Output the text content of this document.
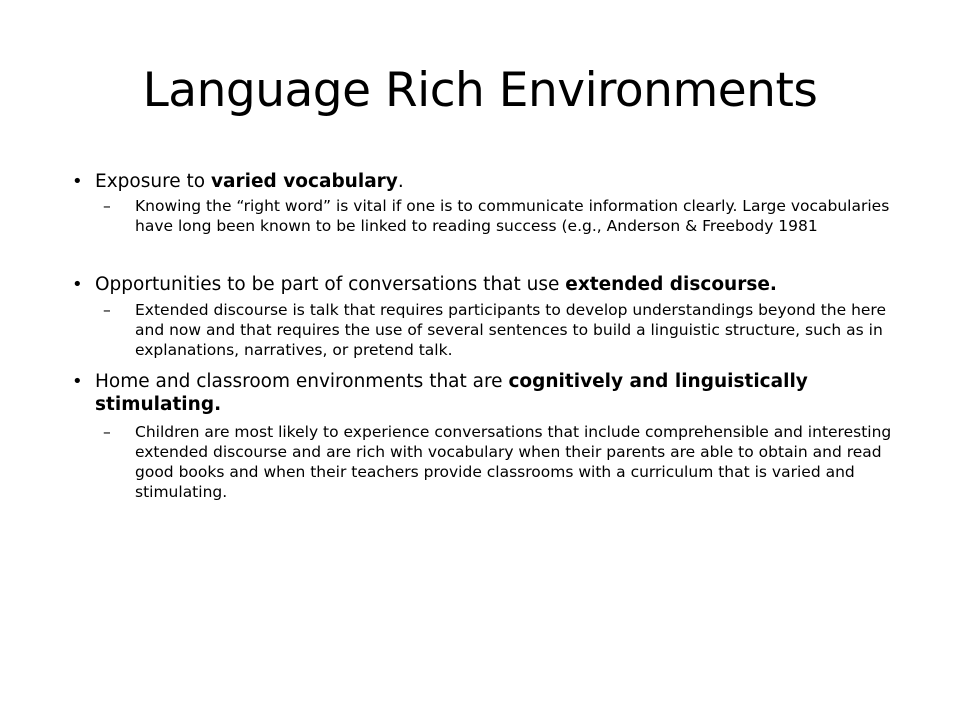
Language Rich Environments
• Exposure to varied vocabulary.
– Knowing the “right word” is vital if one is to communicate information clearly. Large vocabularies have long been known to be linked to reading success (e.g., Anderson & Freebody 1981
• Opportunities to be part of conversations that use extended discourse.
– Extended discourse is talk that requires participants to develop understandings beyond the here and now and that requires the use of several sentences to build a linguistic structure, such as in explanations, narratives, or pretend talk.
• Home and classroom environments that are cognitively and linguistically stimulating.
– Children are most likely to experience conversations that include comprehensible and interesting extended discourse and are rich with vocabulary when their parents are able to obtain and read good books and when their teachers provide classrooms with a curriculum that is varied and stimulating.
